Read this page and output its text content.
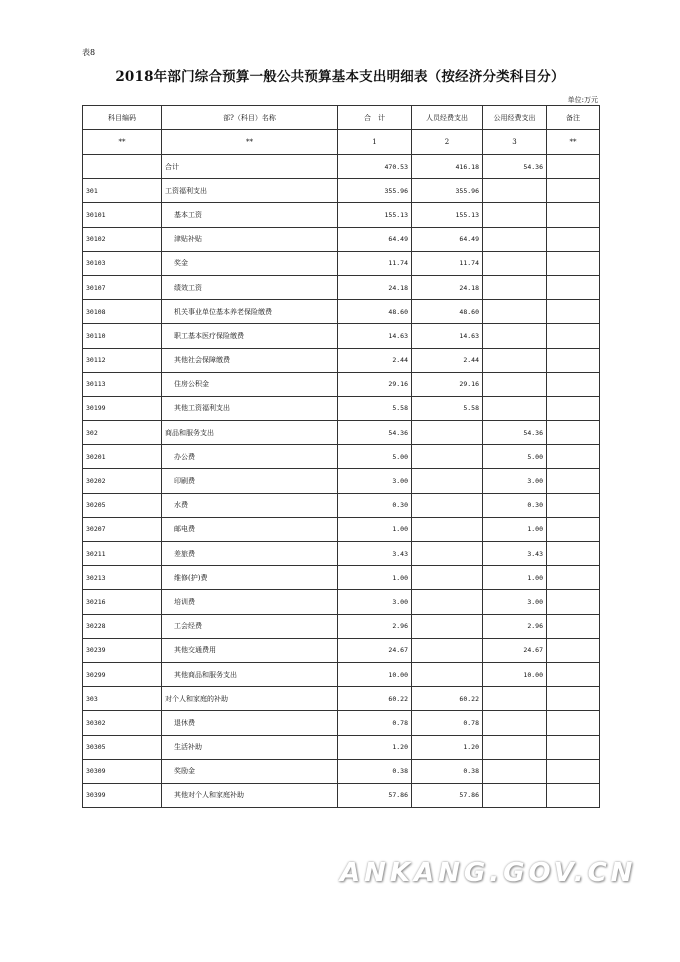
表8
2018年部门综合预算一般公共预算基本支出明细表（按经济分类科目分）
单位:万元
科目编码	部?（科目）名称	合　计	人员经费支出	公用经费支出	备注
**	**	1	2	3	**
	合计	470.53	416.18	54.36	
301	工资福利支出	355.96	355.96		
30101	基本工资	155.13	155.13		
30102	津贴补贴	64.49	64.49		
30103	奖金	11.74	11.74		
30107	绩效工资	24.18	24.18		
30108	机关事业单位基本养老保险缴费	48.60	48.60		
30110	职工基本医疗保险缴费	14.63	14.63		
30112	其他社会保障缴费	2.44	2.44		
30113	住房公积金	29.16	29.16		
30199	其他工资福利支出	5.58	5.58		
302	商品和服务支出	54.36		54.36	
30201	办公费	5.00		5.00	
30202	印刷费	3.00		3.00	
30205	水费	0.30		0.30	
30207	邮电费	1.00		1.00	
30211	差旅费	3.43		3.43	
30213	维修(护)费	1.00		1.00	
30216	培训费	3.00		3.00	
30228	工会经费	2.96		2.96	
30239	其他交通费用	24.67		24.67	
30299	其他商品和服务支出	10.00		10.00	
303	对个人和家庭的补助	60.22	60.22		
30302	退休费	0.78	0.78		
30305	生活补助	1.20	1.20		
30309	奖励金	0.38	0.38		
30399	其他对个人和家庭补助	57.86	57.86		
ANKANG.GOV.CN
